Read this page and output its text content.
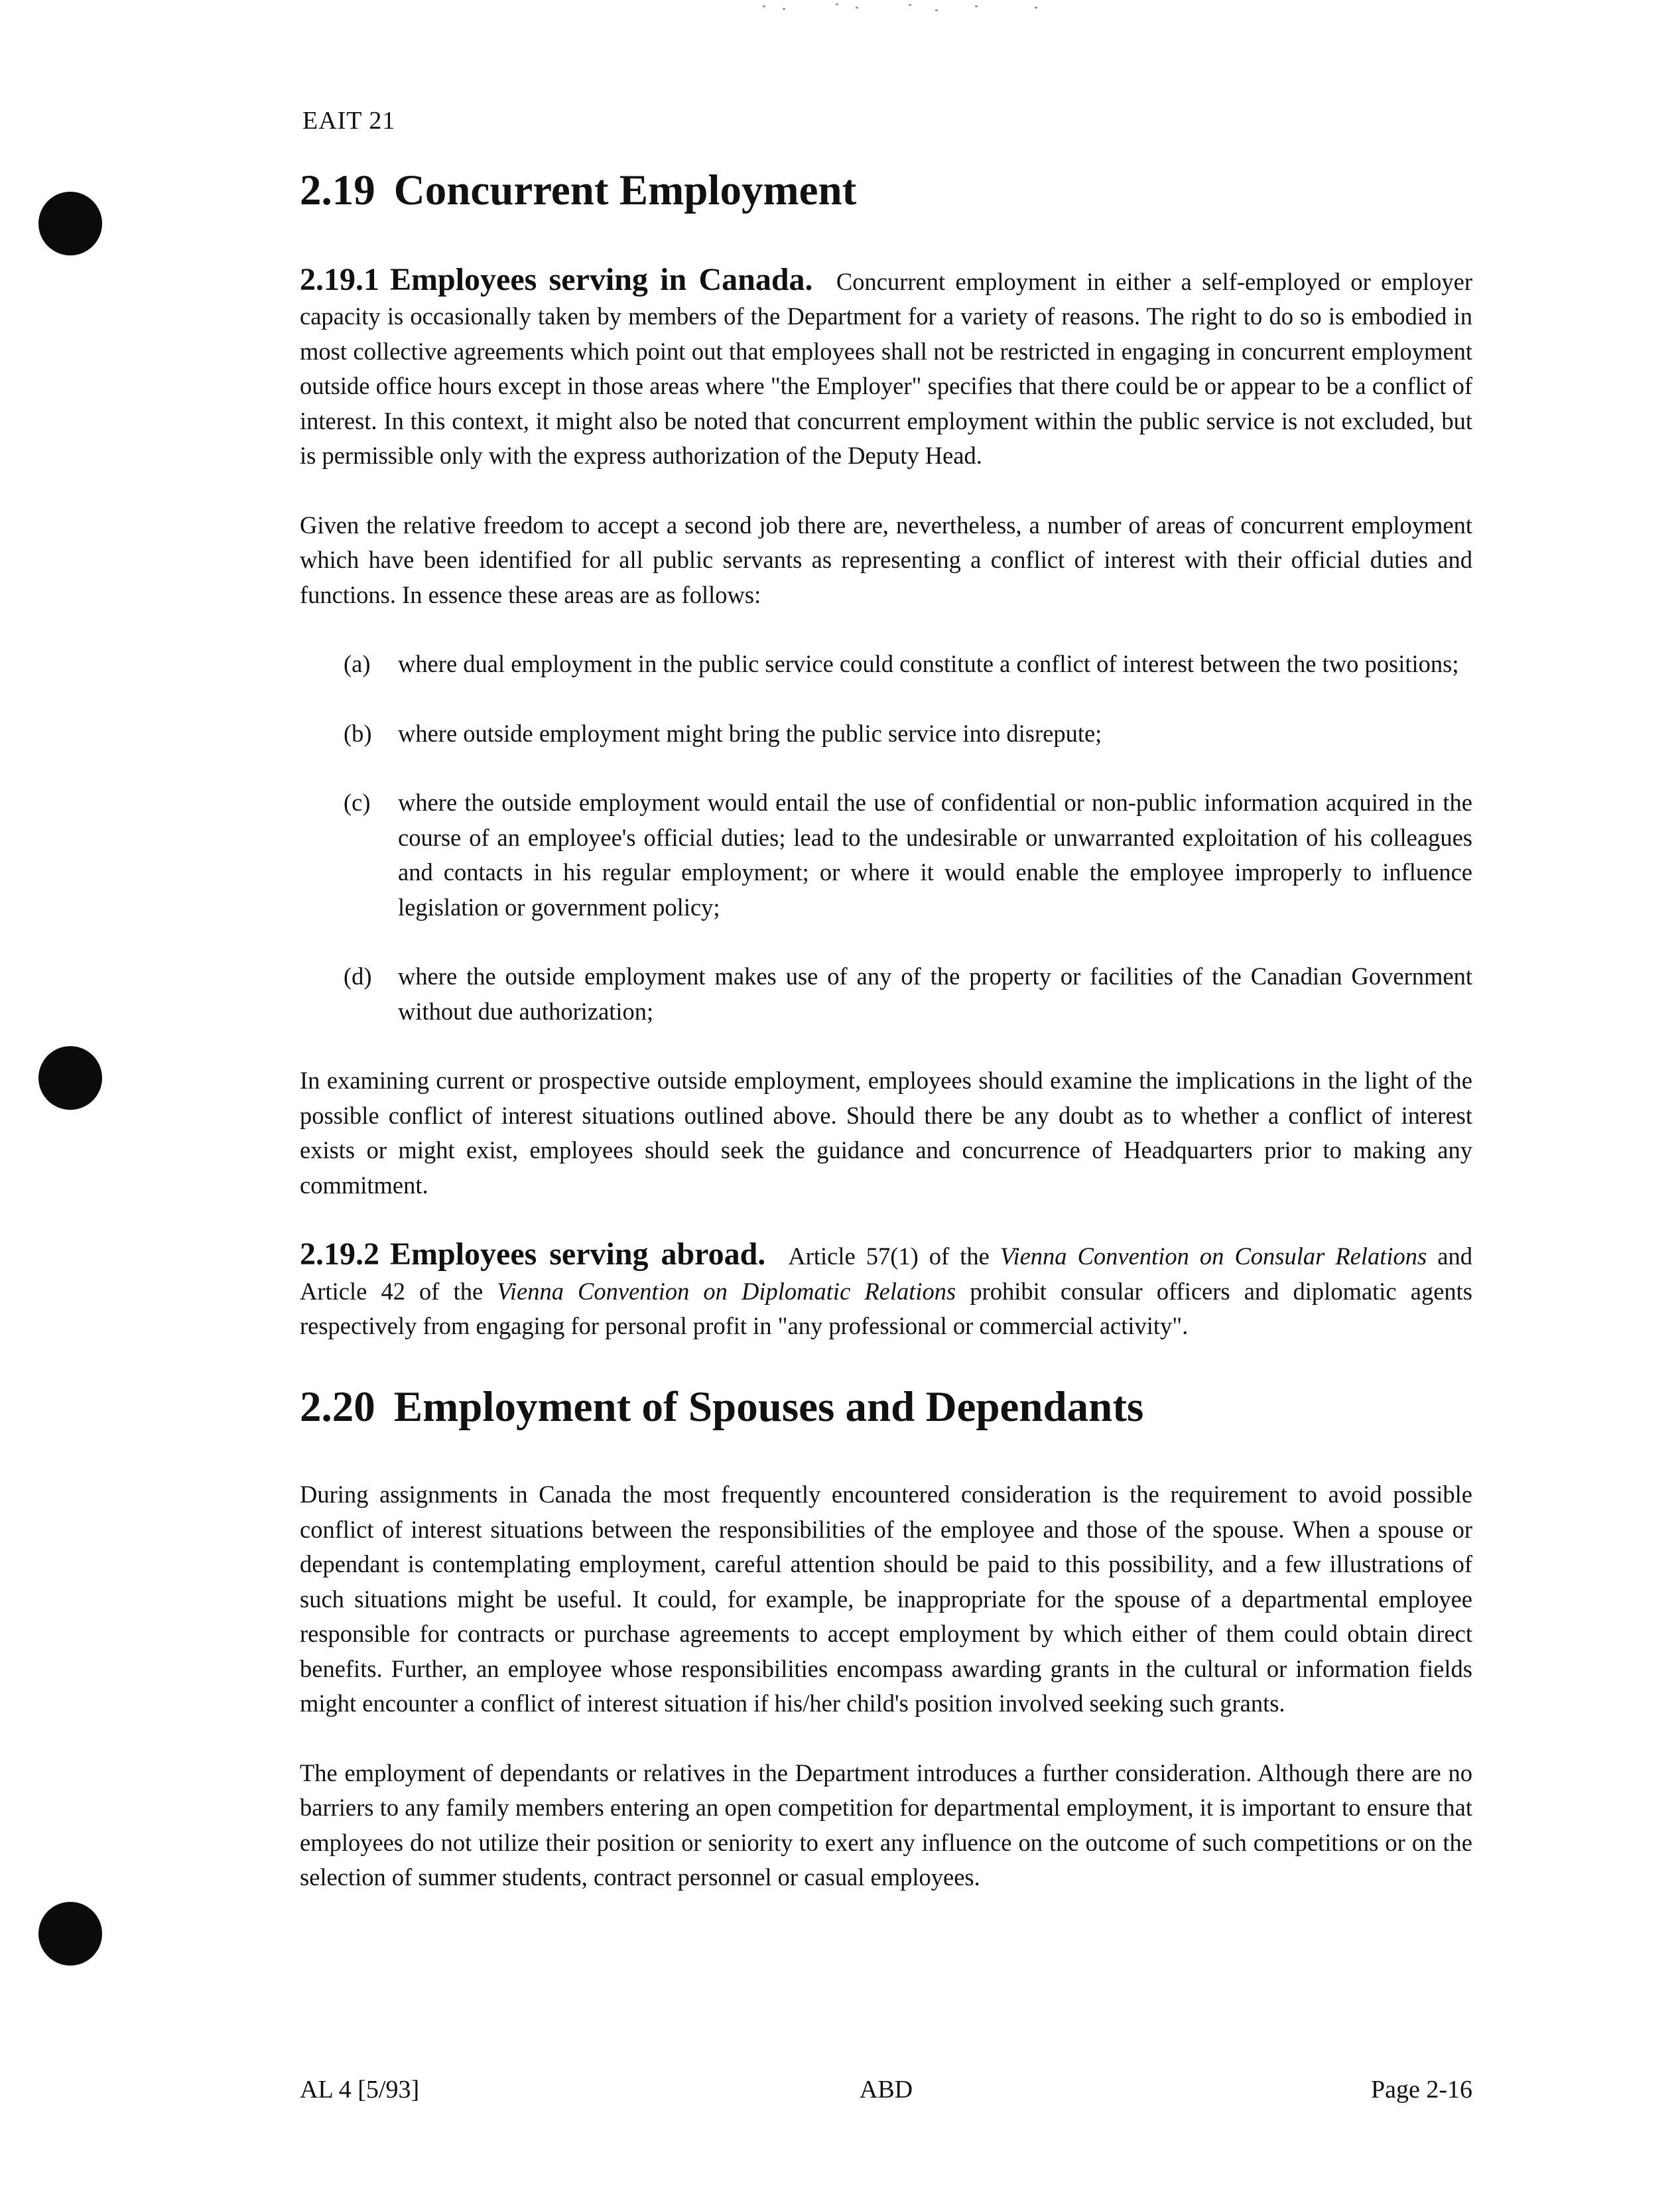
EAIT 21
2.19 Concurrent Employment

2.19.1 Employees serving in Canada. Concurrent employment in either a self-employed or employer capacity is occasionally taken by members of the Department for a variety of reasons. The right to do so is embodied in most collective agreements which point out that employees shall not be restricted in engaging in concurrent employment outside office hours except in those areas where "the Employer" specifies that there could be or appear to be a conflict of interest. In this context, it might also be noted that concurrent employment within the public service is not excluded, but is permissible only with the express authorization of the Deputy Head.

Given the relative freedom to accept a second job there are, nevertheless, a number of areas of concurrent employment which have been identified for all public servants as representing a conflict of interest with their official duties and functions. In essence these areas are as follows:

(a) where dual employment in the public service could constitute a conflict of interest between the two positions;
(b) where outside employment might bring the public service into disrepute;
(c) where the outside employment would entail the use of confidential or non-public information acquired in the course of an employee's official duties; lead to the undesirable or unwarranted exploitation of his colleagues and contacts in his regular employment; or where it would enable the employee improperly to influence legislation or government policy;
(d) where the outside employment makes use of any of the property or facilities of the Canadian Government without due authorization;

In examining current or prospective outside employment, employees should examine the implications in the light of the possible conflict of interest situations outlined above. Should there be any doubt as to whether a conflict of interest exists or might exist, employees should seek the guidance and concurrence of Headquarters prior to making any commitment.

2.19.2 Employees serving abroad. Article 57(1) of the Vienna Convention on Consular Relations and Article 42 of the Vienna Convention on Diplomatic Relations prohibit consular officers and diplomatic agents respectively from engaging for personal profit in "any professional or commercial activity".

2.20 Employment of Spouses and Dependants

During assignments in Canada the most frequently encountered consideration is the requirement to avoid possible conflict of interest situations between the responsibilities of the employee and those of the spouse. When a spouse or dependant is contemplating employment, careful attention should be paid to this possibility, and a few illustrations of such situations might be useful. It could, for example, be inappropriate for the spouse of a departmental employee responsible for contracts or purchase agreements to accept employment by which either of them could obtain direct benefits. Further, an employee whose responsibilities encompass awarding grants in the cultural or information fields might encounter a conflict of interest situation if his/her child's position involved seeking such grants.

The employment of dependants or relatives in the Department introduces a further consideration. Although there are no barriers to any family members entering an open competition for departmental employment, it is important to ensure that employees do not utilize their position or seniority to exert any influence on the outcome of such competitions or on the selection of summer students, contract personnel or casual employees.

AL 4 [5/93]	ABD	Page 2-16
